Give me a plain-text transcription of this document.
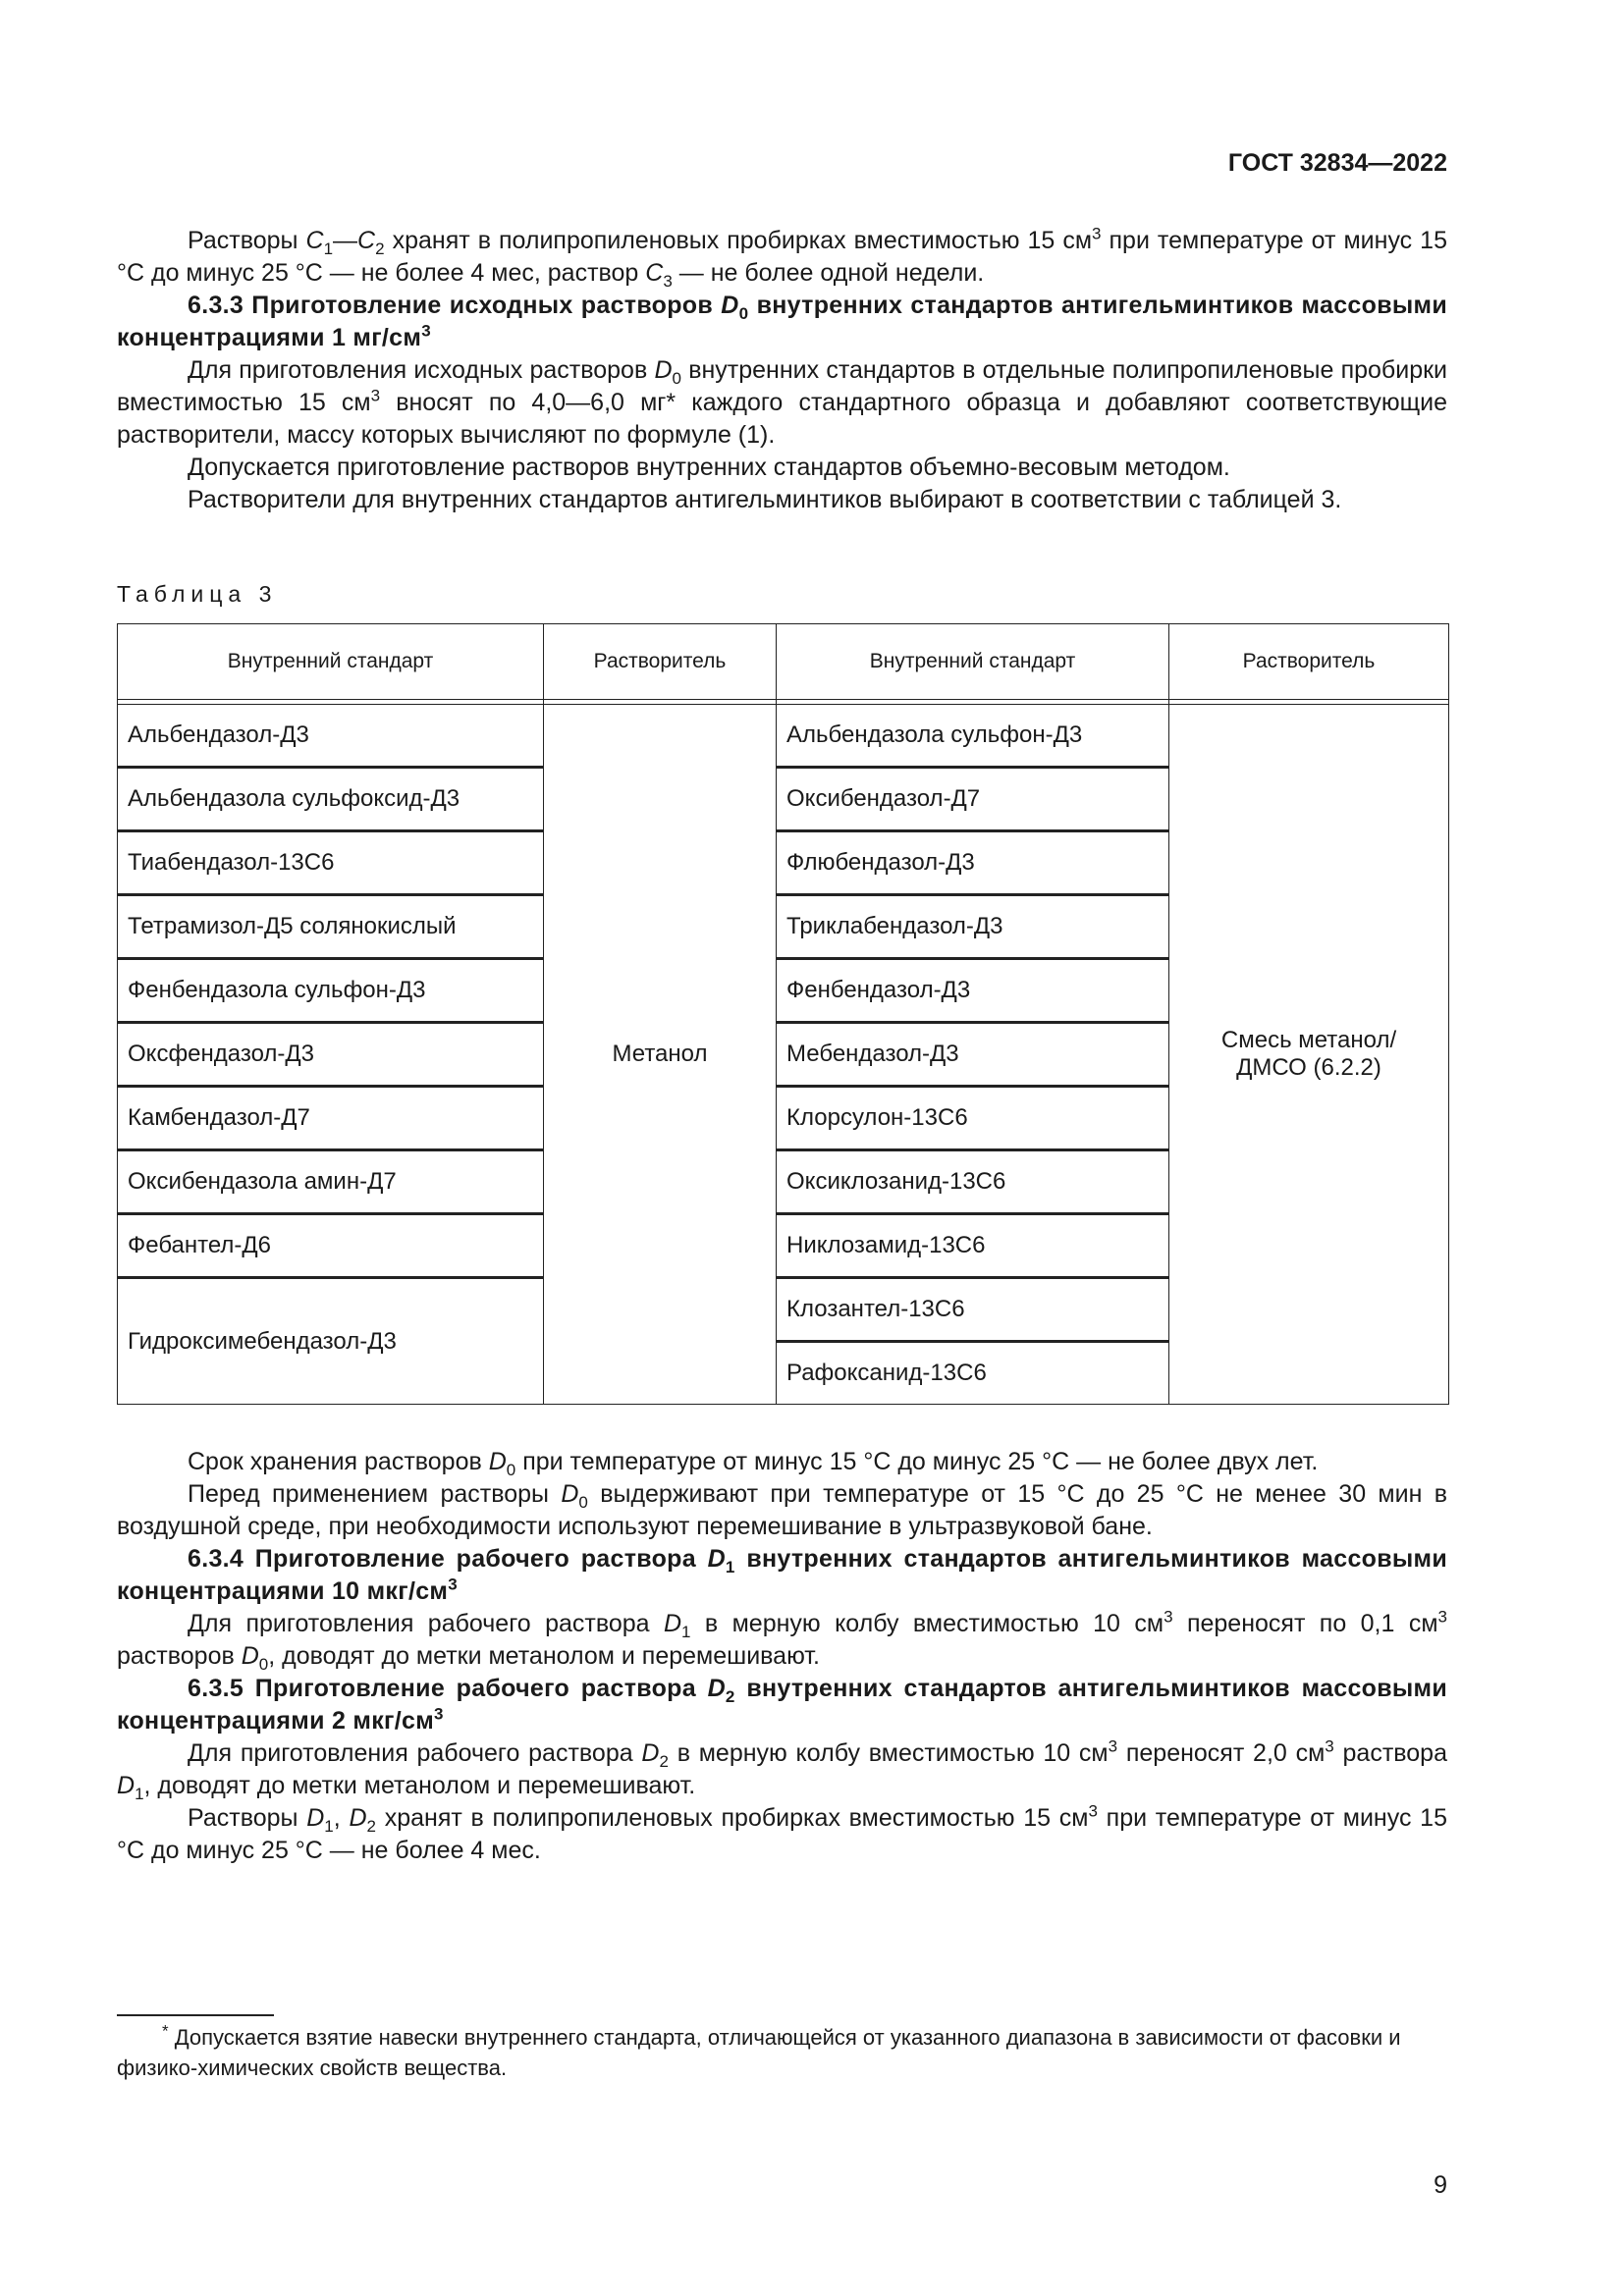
ГОСТ 32834—2022

Растворы $C_1—C_2$ хранят в полипропиленовых пробирках вместимостью 15 $см^3$ при температуре от минус 15 °С до минус 25 °С — не более 4 мес, раствор $C_3$ — не более одной недели.

6.3.3 Приготовление исходных растворов $D_0$ внутренних стандартов антигельминтиков массовыми концентрациями 1 $мг/см^3$

Для приготовления исходных растворов $D_0$ внутренних стандартов в отдельные полипропиленовые пробирки вместимостью 15 $см^3$ вносят по 4,0—6,0 мг* каждого стандартного образца и добавляют соответствующие растворители, массу которых вычисляют по формуле (1).

Допускается приготовление растворов внутренних стандартов объемно-весовым методом.

Растворители для внутренних стандартов антигельминтиков выбирают в соответствии с таблицей 3.

Таблица 3
Внутренний стандарт	Растворитель	Внутренний стандарт	Растворитель

Альбендазол-Д3	Метанол	Альбендазола сульфон-Д3	Смесь метанол/
ДМСО (6.2.2)
Альбендазола сульфоксид-Д3		Оксибендазол-Д7	
Тиабендазол-13С6		Флюбендазол-Д3	
Тетрамизол-Д5 солянокислый		Триклабендазол-Д3	
Фенбендазола сульфон-Д3		Фенбендазол-Д3	
Оксфендазол-Д3		Мебендазол-Д3	
Камбендазол-Д7		Клорсулон-13С6	
Оксибендазола амин-Д7		Оксиклозанид-13С6	
Фебантел-Д6		Никлозамид-13С6	
Гидроксимебендазол-Д3		Клозантел-13С6	
		Рафоксанид-13С6	

Срок хранения растворов $D_0$ при температуре от минус 15 °С до минус 25 °С — не более двух лет.

Перед применением растворы $D_0$ выдерживают при температуре от 15 °С до 25 °С не менее 30 мин в воздушной среде, при необходимости используют перемешивание в ультразвуковой бане.

6.3.4 Приготовление рабочего раствора $D_1$ внутренних стандартов антигельминтиков массовыми концентрациями 10 мкг/$см^3$

Для приготовления рабочего раствора $D_1$ в мерную колбу вместимостью 10 $см^3$ переносят по 0,1 $см^3$ растворов $D_0$, доводят до метки метанолом и перемешивают.

6.3.5 Приготовление рабочего раствора $D_2$ внутренних стандартов антигельминтиков массовыми концентрациями 2 мкг/$см^3$

Для приготовления рабочего раствора $D_2$ в мерную колбу вместимостью 10 $см^3$ переносят 2,0 $см^3$ раствора $D_1$, доводят до метки метанолом и перемешивают.

Растворы $D_1$, $D_2$ хранят в полипропиленовых пробирках вместимостью 15 $см^3$ при температуре от минус 15 °С до минус 25 °С — не более 4 мес.

* Допускается взятие навески внутреннего стандарта, отличающейся от указанного диапазона в зависимости от фасовки и физико-химических свойств вещества.
9
